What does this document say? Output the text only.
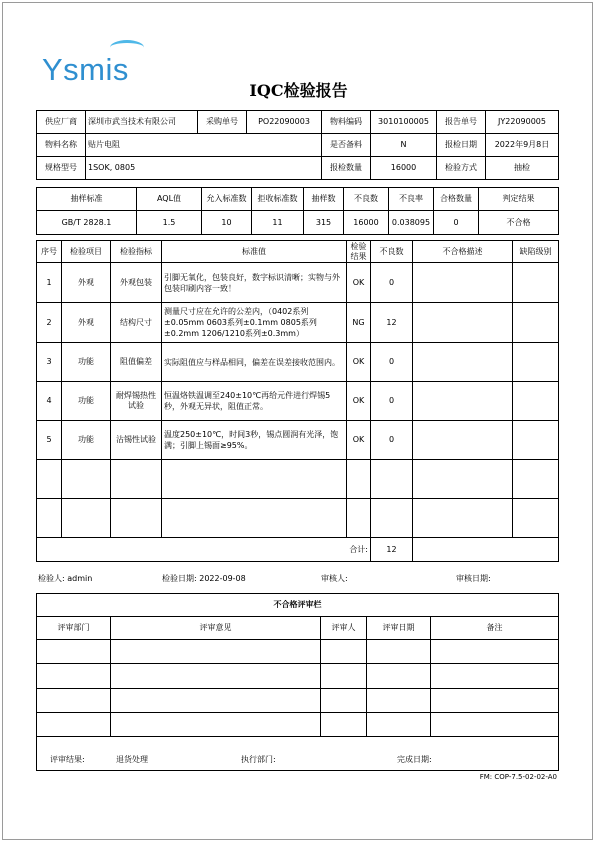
Ysmis
IQC检验报告
供应厂商	深圳市武当技术有限公司	采购单号	PO22090003	物料编码	3010100005	报告单号	JY22090005
物料名称	贴片电阻			是否备料	N	报检日期	2022年9月8日
规格型号	1SOK, 0805			报检数量	16000	检验方式	抽检
抽样标准	AQL值	允入标准数	拒收标准数	抽样数	不良数	不良率	合格数量	判定结果
GB/T 2828.1	1.5	10	11	315	16000	0.038095	0	不合格
序号	检验项目	检验指标	标准值	检验结果	不良数	不合格描述	缺陷级别
1	外观	外观包装	引脚无氧化，包装良好，数字标识清晰；实物与外包装印刷内容一致！	OK	0		
2	外观	结构尺寸	测量尺寸应在允许的公差内，（0402系列±0.05mm 0603系列±0.1mm 0805系列±0.2mm 1206/1210系列±0.3mm）	NG	12		
3	功能	阻值偏差	实际阻值应与样品相同，偏差在误差接收范围内。	OK	0		
4	功能	耐焊锡热性试验	恒温烙铁温调至240±10℃再给元件进行焊锡5秒，外观无异状，阻值正常。	OK	0		
5	功能	沾锡性试验	温度250±10℃，时间3秒，锡点圆润有光泽，饱满；引脚上锡面≥95%。	OK	0		

合计:					12		
检验人: admin	检验日期: 2022-09-08	审核人:	审核日期:
不合格评审栏				
评审部门	评审意见	评审人	评审日期	备注

评审结果:	退货处理	执行部门:	完成日期:
FM: COP-7.5-02-02-A0
